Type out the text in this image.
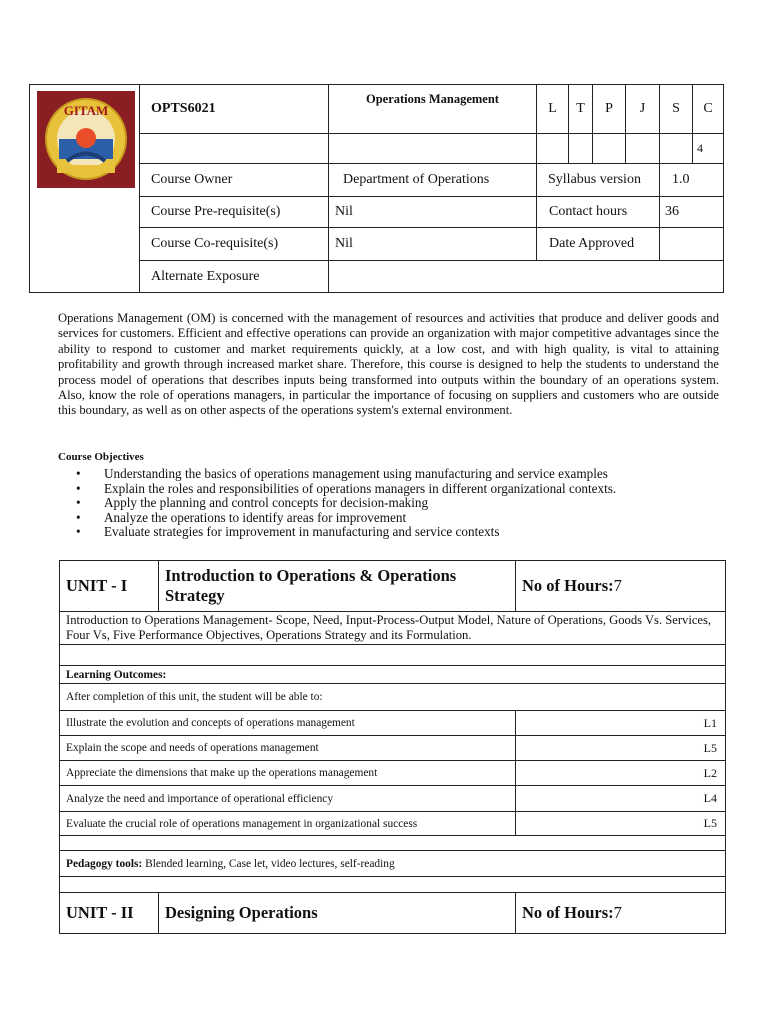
GITAM	OPTS6021	Operations Management	L	T	P	J	S	C
								4
	Course Owner	Department of Operations	Syllabus version				1.0	
	Course Pre-requisite(s)	Nil	Contact hours				36	
	Course Co-requisite(s)	Nil	Date Approved					
	Alternate Exposure							

Operations Management (OM) is concerned with the management of resources and activities that produce and deliver goods and services for customers. Efficient and effective operations can provide an organization with major competitive advantages since the ability to respond to customer and market requirements quickly, at a low cost, and with high quality, is vital to attaining profitability and growth through increased market share. Therefore, this course is designed to help the students to understand the process model of operations that describes inputs being transformed into outputs within the boundary of an operations system. Also, know the role of operations managers, in particular the importance of focusing on suppliers and customers who are outside this boundary, as well as on other aspects of the operations system's external environment.

Course Objectives
• Understanding the basics of operations management using manufacturing and service examples
• Explain the roles and responsibilities of operations managers in different organizational contexts.
• Apply the planning and control concepts for decision-making
• Analyze the operations to identify areas for improvement
• Evaluate strategies for improvement in manufacturing and service contexts
UNIT - I	Introduction to Operations & Operations Strategy	No of Hours:7
Introduction to Operations Management- Scope, Need, Input-Process-Output Model, Nature of Operations, Goods Vs. Services, Four Vs, Five Performance Objectives, Operations Strategy and its Formulation.		

Learning Outcomes:		
After completion of this unit, the student will be able to:		
Illustrate the evolution and concepts of operations management		L1
Explain the scope and needs of operations management		L5
Appreciate the dimensions that make up the operations management		L2
Analyze the need and importance of operational efficiency		L4
Evaluate the crucial role of operations management in organizational success		L5

Pedagogy tools: Blended learning, Case let, video lectures, self-reading		

UNIT - II	Designing Operations	No of Hours:7
